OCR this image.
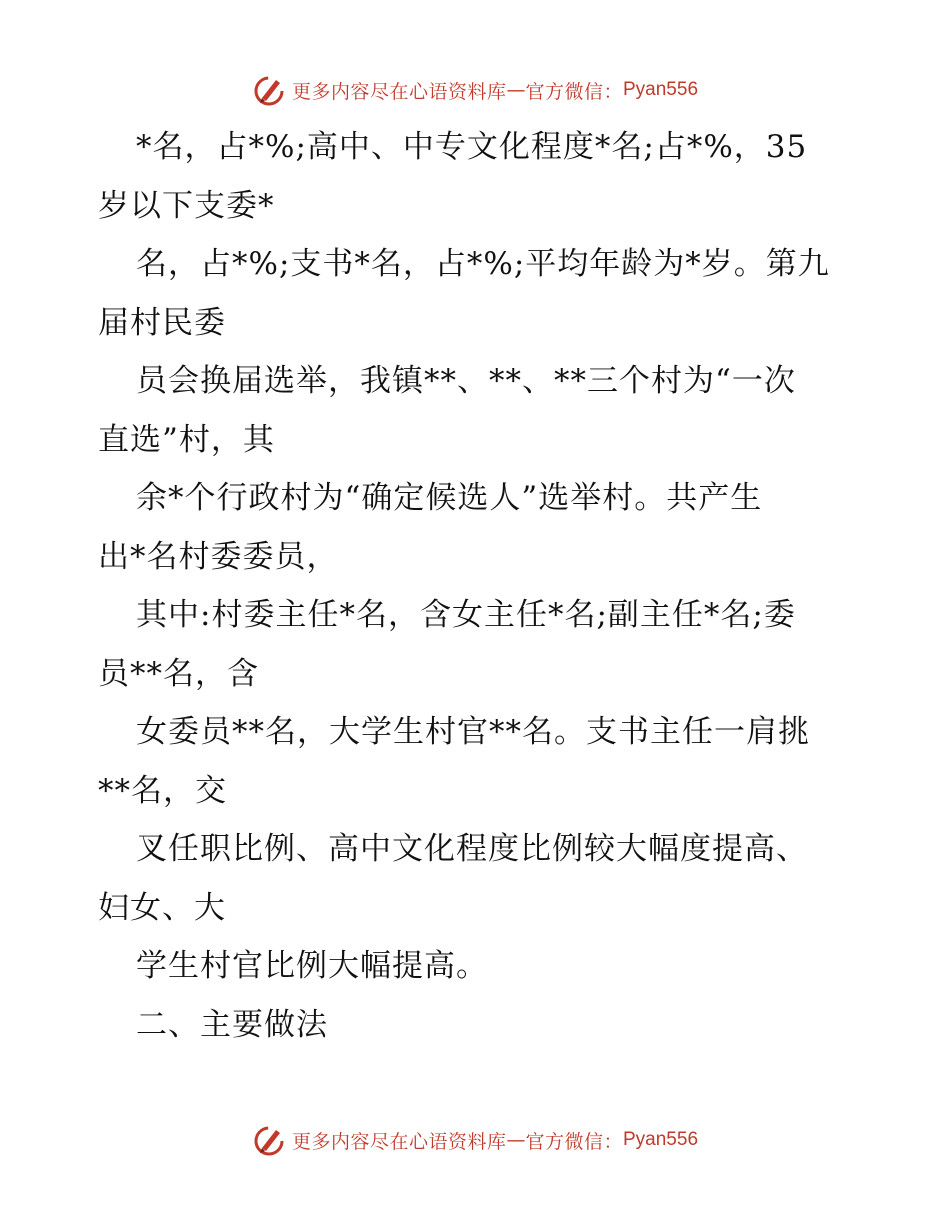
更多内容尽在心语资料库 — 官方微信： Pyan556
*名，占*%;高中、中专文化程度*名;占*%，35
岁以下支委*
名，占*%;支书*名，占*%;平均年龄为*岁。第九
届村民委
员会换届选举，我镇**、**、**三个村为“一次
直选”村，其
余*个行政村为“确定候选人”选举村。共产生
出*名村委委员，
其中:村委主任*名，含女主任*名;副主任*名;委
员**名，含
女委员**名，大学生村官**名。支书主任一肩挑
**名，交
叉任职比例、高中文化程度比例较大幅度提高、
妇女、大
学生村官比例大幅提高。
二、主要做法
更多内容尽在心语资料库 — 官方微信： Pyan556
